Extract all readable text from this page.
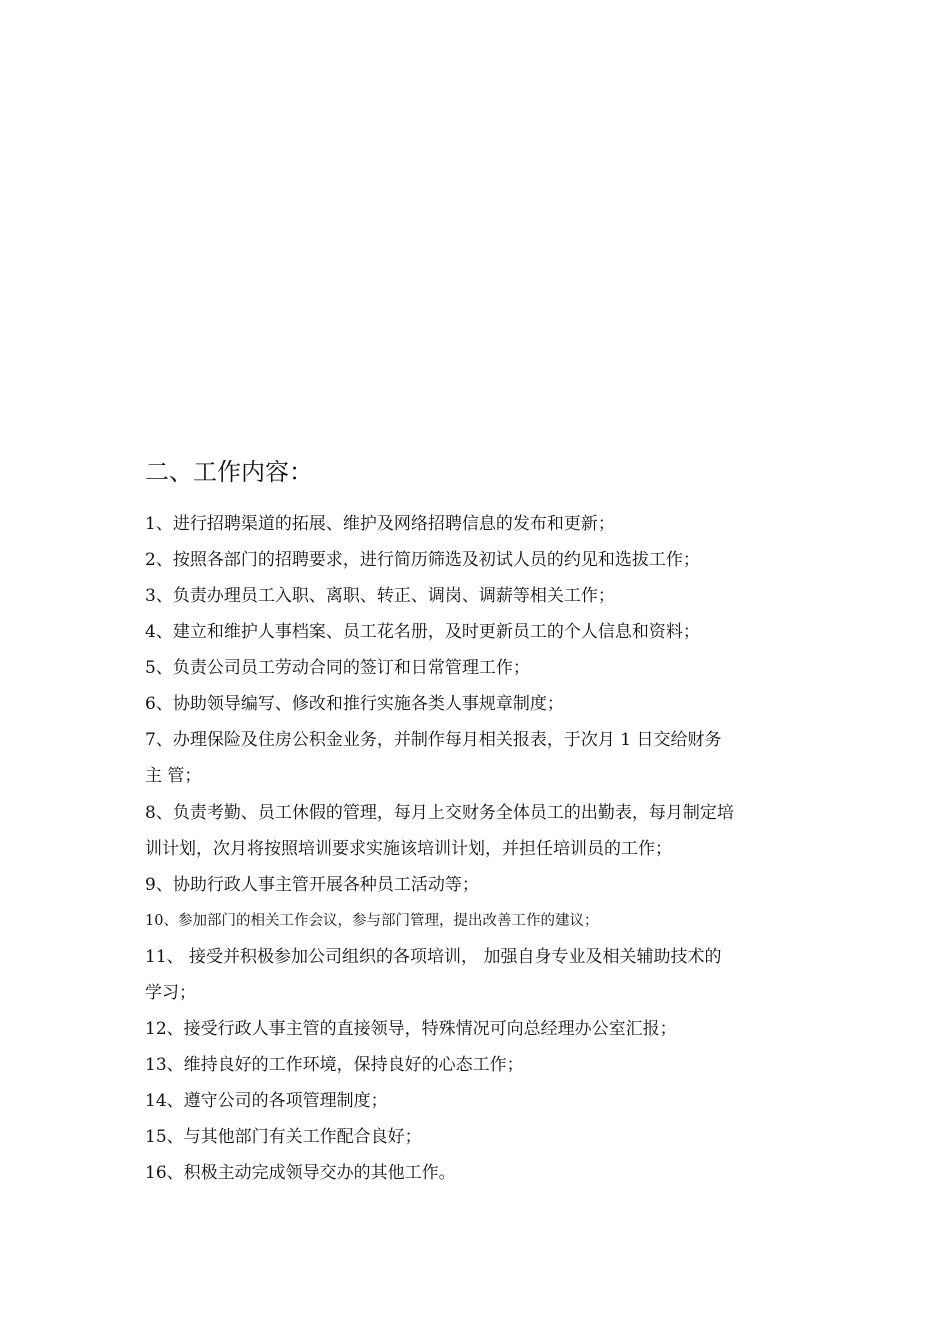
二、工作内容：
1、进行招聘渠道的拓展、维护及网络招聘信息的发布和更新；
2、按照各部门的招聘要求，进行简历筛选及初试人员的约见和选拔工作；
3、负责办理员工入职、离职、转正、调岗、调薪等相关工作；
4、建立和维护人事档案、员工花名册，及时更新员工的个人信息和资料；
5、负责公司员工劳动合同的签订和日常管理工作；
6、协助领导编写、修改和推行实施各类人事规章制度；
7、办理保险及住房公积金业务，并制作每月相关报表，于次月 1 日交给财务
主 管；
8、负责考勤、员工休假的管理，每月上交财务全体员工的出勤表，每月制定培
训计划，次月将按照培训要求实施该培训计划，并担任培训员的工作；
9、协助行政人事主管开展各种员工活动等；
10、参加部门的相关工作会议，参与部门管理，提出改善工作的建议；
11、 接受并积极参加公司组织的各项培训， 加强自身专业及相关辅助技术的
学习；
12、接受行政人事主管的直接领导，特殊情况可向总经理办公室汇报；
13、维持良好的工作环境，保持良好的心态工作；
14、遵守公司的各项管理制度；
15、与其他部门有关工作配合良好；
16、积极主动完成领导交办的其他工作。
